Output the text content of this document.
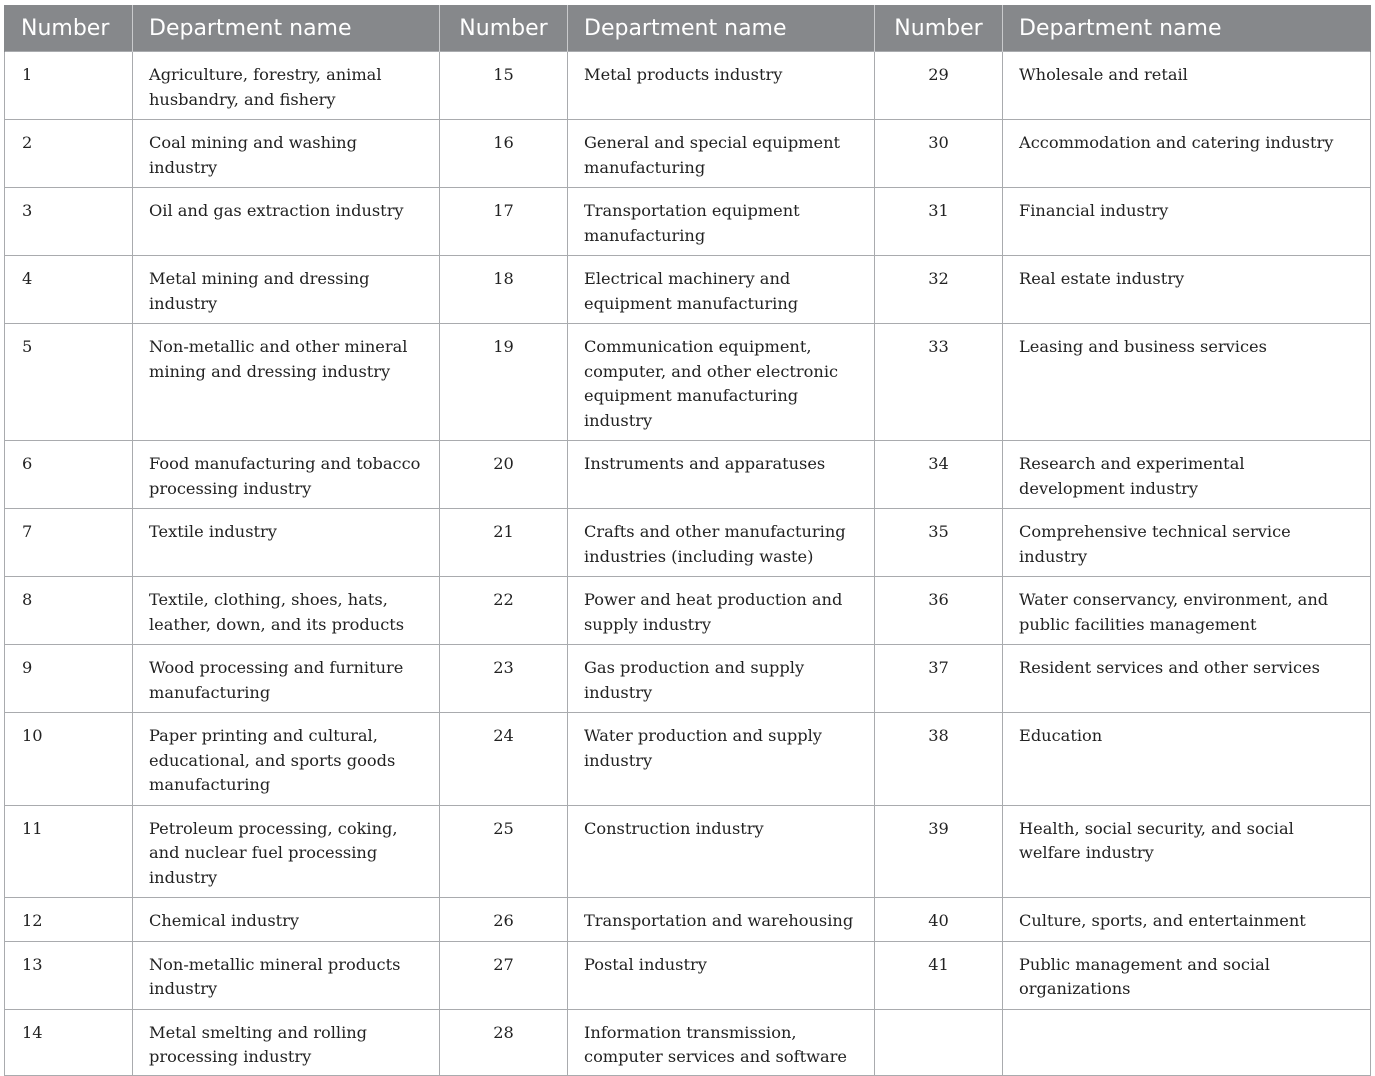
Number	Department name	Number	Department name	Number	Department name
1	Agriculture, forestry, animal husbandry, and fishery	15	Metal products industry	29	Wholesale and retail
2	Coal mining and washing industry	16	General and special equipment manufacturing	30	Accommodation and catering industry
3	Oil and gas extraction industry	17	Transportation equipment manufacturing	31	Financial industry
4	Metal mining and dressing industry	18	Electrical machinery and equipment manufacturing	32	Real estate industry
5	Non-metallic and other mineral mining and dressing industry	19	Communication equipment, computer, and other electronic equipment manufacturing industry	33	Leasing and business services
6	Food manufacturing and tobacco processing industry	20	Instruments and apparatuses	34	Research and experimental development industry
7	Textile industry	21	Crafts and other manufacturing industries (including waste)	35	Comprehensive technical service industry
8	Textile, clothing, shoes, hats, leather, down, and its products	22	Power and heat production and supply industry	36	Water conservancy, environment, and public facilities management
9	Wood processing and furniture manufacturing	23	Gas production and supply industry	37	Resident services and other services
10	Paper printing and cultural, educational, and sports goods manufacturing	24	Water production and supply industry	38	Education
11	Petroleum processing, coking, and nuclear fuel processing industry	25	Construction industry	39	Health, social security, and social welfare industry
12	Chemical industry	26	Transportation and warehousing	40	Culture, sports, and entertainment
13	Non-metallic mineral products industry	27	Postal industry	41	Public management and social organizations
14	Metal smelting and rolling processing industry	28	Information transmission, computer services and software		
